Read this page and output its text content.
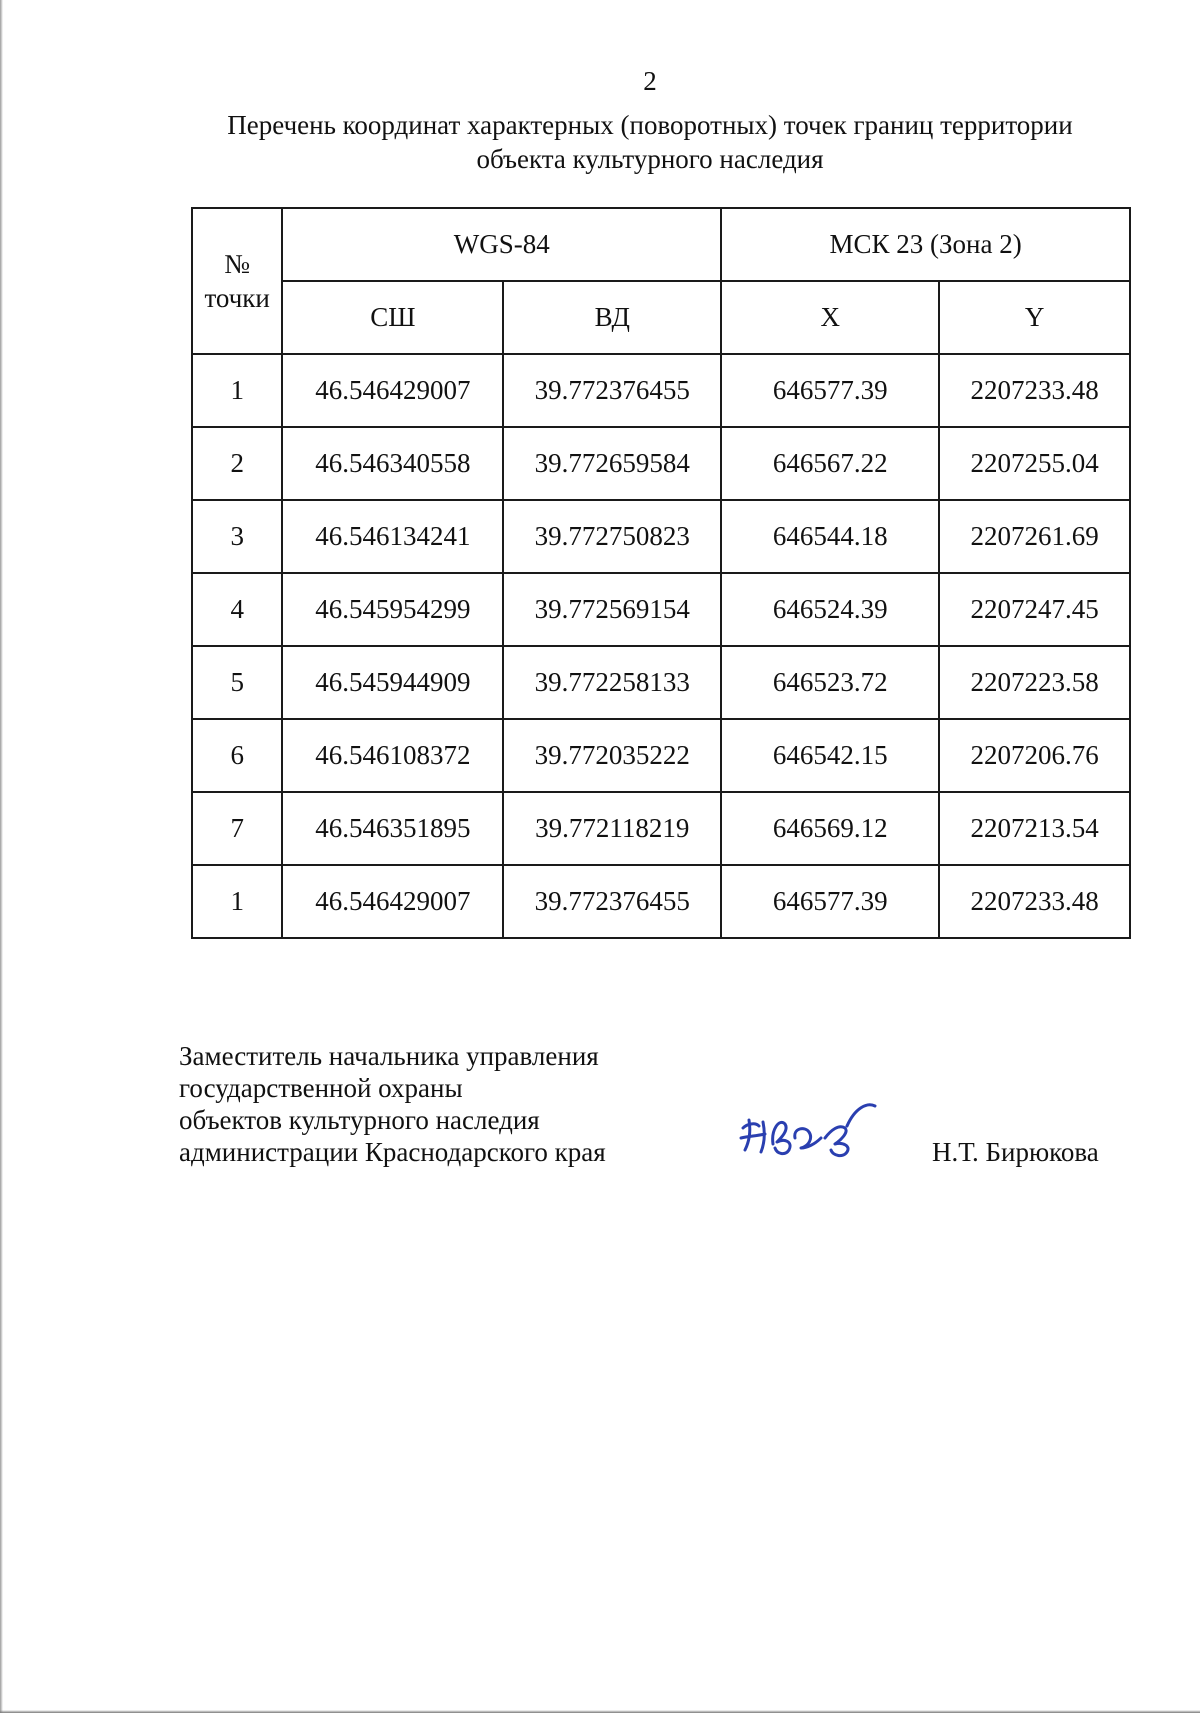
2
Перечень координат характерных (поворотных) точек границ территории
объекта культурного наследия
№
точки	WGS-84		МСК 23 (Зона 2)	
	СШ	ВД	X	Y
1	46.546429007	39.772376455	646577.39	2207233.48
2	46.546340558	39.772659584	646567.22	2207255.04
3	46.546134241	39.772750823	646544.18	2207261.69
4	46.545954299	39.772569154	646524.39	2207247.45
5	46.545944909	39.772258133	646523.72	2207223.58
6	46.546108372	39.772035222	646542.15	2207206.76
7	46.546351895	39.772118219	646569.12	2207213.54
1	46.546429007	39.772376455	646577.39	2207233.48
Заместитель начальника управления
государственной охраны
объектов культурного наследия
администрации Краснодарского края	Н.Т. Бирюкова
